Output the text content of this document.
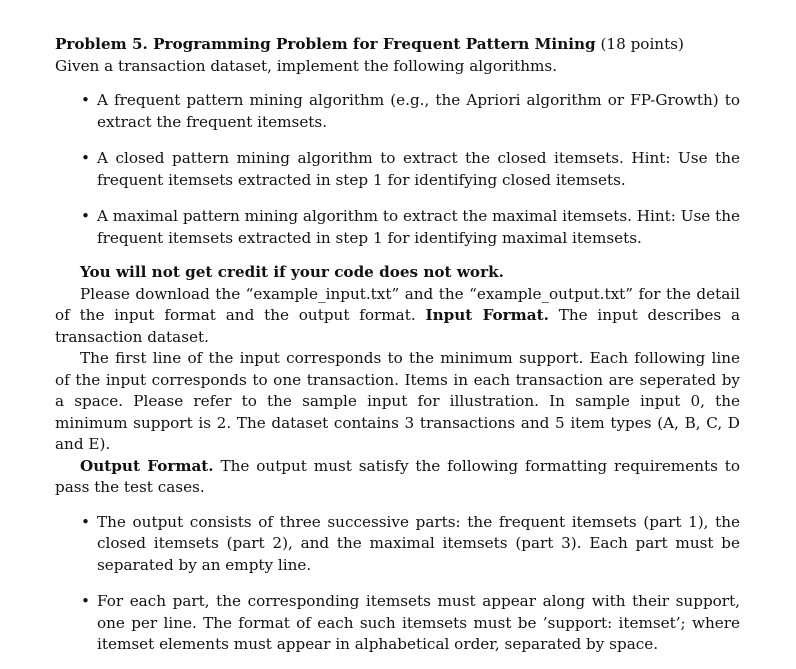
Problem 5. Programming Problem for Frequent Pattern Mining (18 points)

Given a transaction dataset, implement the following algorithms.

• A frequent pattern mining algorithm (e.g., the Apriori algorithm or FP-Growth) to extract the frequent itemsets.
• A closed pattern mining algorithm to extract the closed itemsets. Hint: Use the frequent itemsets extracted in step 1 for identifying closed itemsets.
• A maximal pattern mining algorithm to extract the maximal itemsets. Hint: Use the frequent itemsets extracted in step 1 for identifying maximal itemsets.

You will not get credit if your code does not work.

Please download the “example_input.txt” and the “example_output.txt” for the detail of the input format and the output format. Input Format. The input describes a transaction dataset.

The first line of the input corresponds to the minimum support. Each following line of the input corresponds to one transaction. Items in each transaction are seperated by a space. Please refer to the sample input for illustration. In sample input 0, the minimum support is 2. The dataset contains 3 transactions and 5 item types (A, B, C, D and E).

Output Format. The output must satisfy the following formatting requirements to pass the test cases.

• The output consists of three successive parts: the frequent itemsets (part 1), the closed itemsets (part 2), and the maximal itemsets (part 3). Each part must be separated by an empty line.
• For each part, the corresponding itemsets must appear along with their support, one per line. The format of each such itemsets must be ’support: itemset’; where itemset elements must appear in alphabetical order, separated by space.
